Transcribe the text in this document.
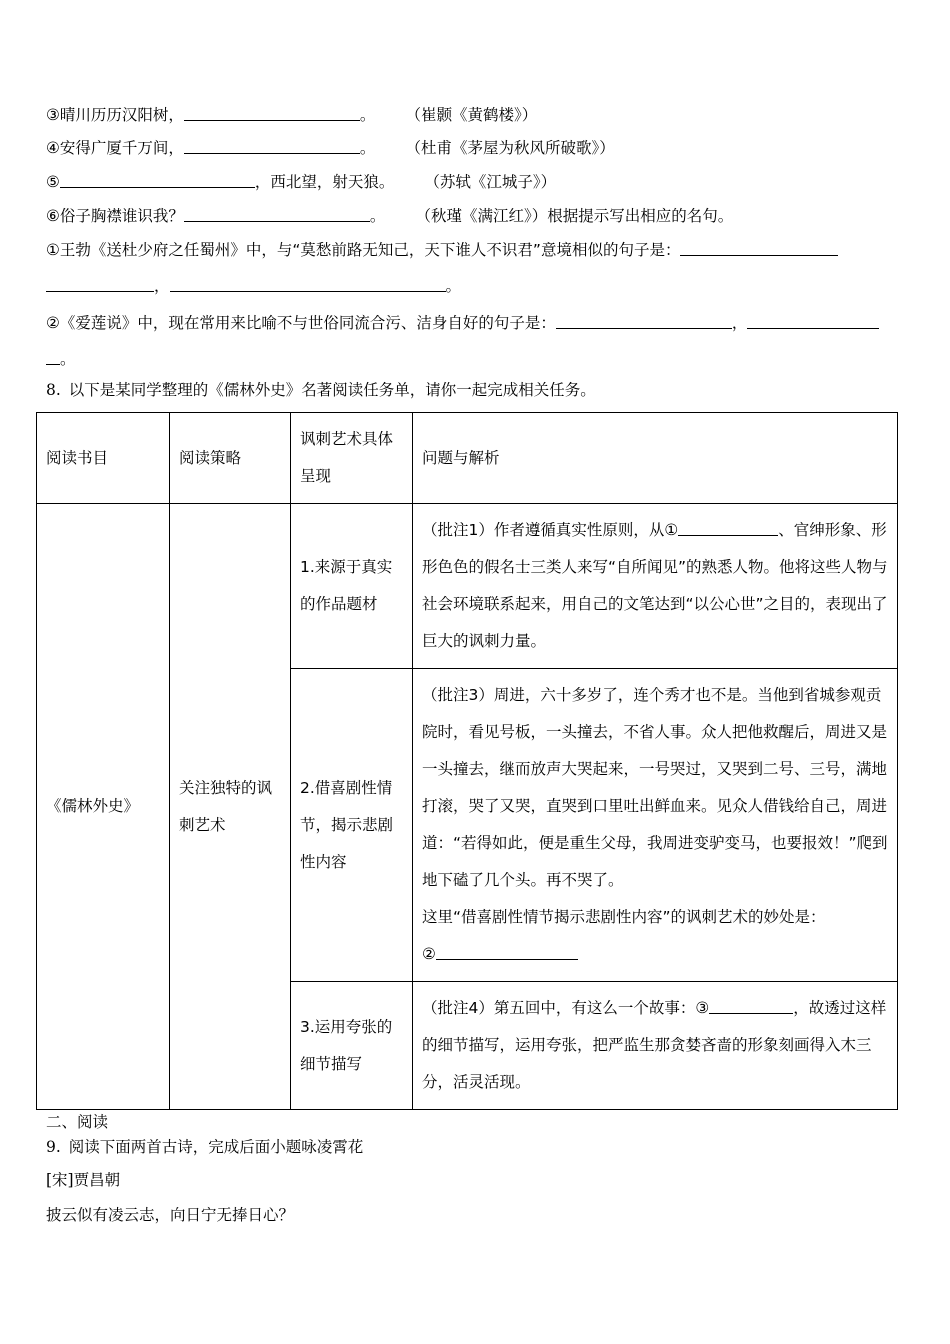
③晴川历历汉阳树，	。 （崔颢《黄鹤楼》）
④安得广厦千万间，	。 （杜甫《茅屋为秋风所破歌》）
⑤	，西北望，射天狼。 （苏轼《江城子》）
⑥俗子胸襟谁识我？	。 （秋瑾《满江红》）根据提示写出相应的名句。
①王勃《送杜少府之任蜀州》中，与“莫愁前路无知己，天下谁人不识君”意境相似的句子是：
，	。
②《爱莲说》中，现在常用来比喻不与世俗同流合污、洁身自好的句子是：	，
。
8. 以下是某同学整理的《儒林外史》名著阅读任务单，请你一起完成相关任务。
阅读书目	阅读策略	讽刺艺术具体呈现	问题与解析
《儒林外史》	关注独特的讽刺艺术	1.来源于真实的作品题材	（批注1）作者遵循真实性原则，从① 、官绅形象、形形色色的假名士三类人来写“自所闻见”的熟悉人物。他将这些人物与社会环境联系起来，用自己的文笔达到“以公心世”之目的，表现出了巨大的讽刺力量。
		2.借喜剧性情节，揭示悲剧性内容	（批注3）周进，六十多岁了，连个秀才也不是。当他到省城参观贡院时，看见号板，一头撞去，不省人事。众人把他救醒后，周进又是一头撞去，继而放声大哭起来，一号哭过，又哭到二号、三号，满地打滚，哭了又哭，直哭到口里吐出鲜血来。见众人借钱给自己，周进道：“若得如此，便是重生父母，我周进变驴变马，也要报效！”爬到地下磕了几个头。再不哭了。
这里“借喜剧性情节揭示悲剧性内容”的讽刺艺术的妙处是：
②

		3.运用夸张的细节描写	（批注4）第五回中，有这么一个故事：③ ，故透过这样的细节描写，运用夸张，把严监生那贪婪吝啬的形象刻画得入木三分，活灵活现。
二、阅读
9. 阅读下面两首古诗，完成后面小题咏凌霄花
[宋]贾昌朝
披云似有凌云志，向日宁无捧日心？
